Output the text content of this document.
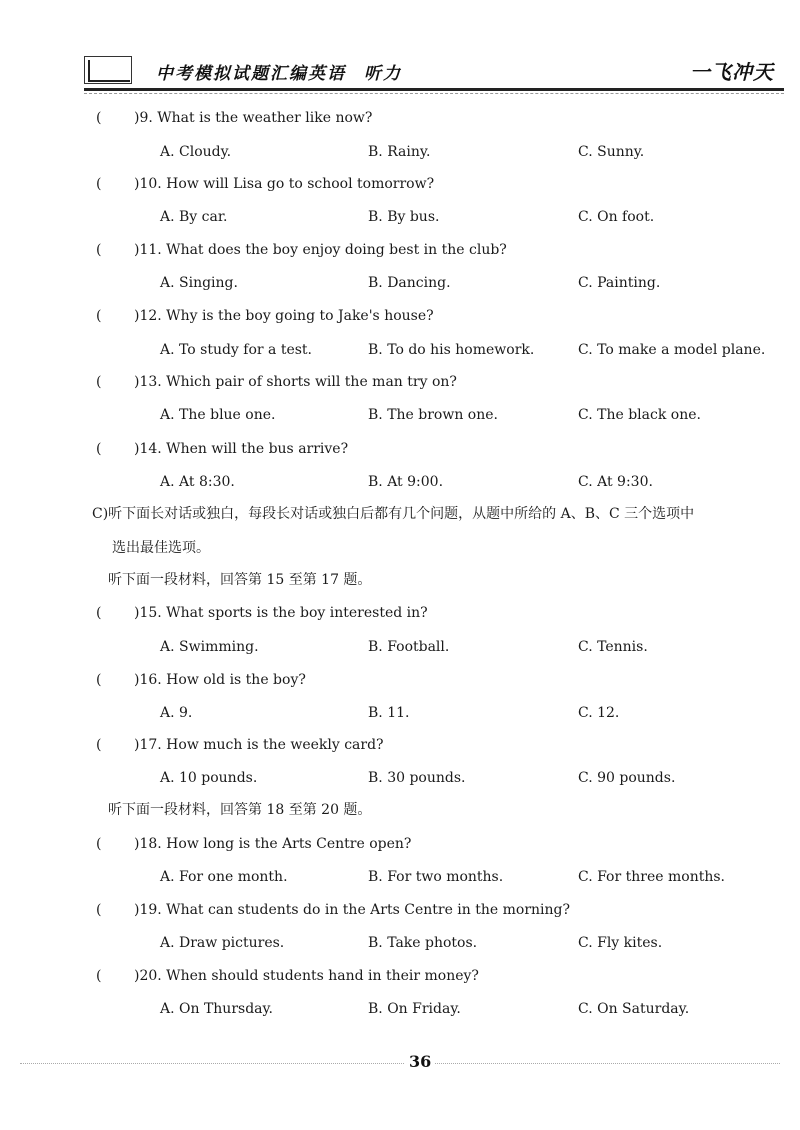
中考模拟试题汇编英语 听力	一飞冲天
( )9. What is the weather like now?
A. Cloudy.	B. Rainy.	C. Sunny.
( )10. How will Lisa go to school tomorrow?
A. By car.	B. By bus.	C. On foot.
( )11. What does the boy enjoy doing best in the club?
A. Singing.	B. Dancing.	C. Painting.
( )12. Why is the boy going to Jake's house?
A. To study for a test.	B. To do his homework.	C. To make a model plane.
( )13. Which pair of shorts will the man try on?
A. The blue one.	B. The brown one.	C. The black one.
( )14. When will the bus arrive?
A. At 8:30.	B. At 9:00.	C. At 9:30.
C)听下面长对话或独白，每段长对话或独白后都有几个问题，从题中所给的 A、B、C 三个选项中
选出最佳选项。
听下面一段材料，回答第 15 至第 17 题。
( )15. What sports is the boy interested in?
A. Swimming.	B. Football.	C. Tennis.
( )16. How old is the boy?
A. 9.	B. 11.	C. 12.
( )17. How much is the weekly card?
A. 10 pounds.	B. 30 pounds.	C. 90 pounds.
听下面一段材料，回答第 18 至第 20 题。
( )18. How long is the Arts Centre open?
A. For one month.	B. For two months.	C. For three months.
( )19. What can students do in the Arts Centre in the morning?
A. Draw pictures.	B. Take photos.	C. Fly kites.
( )20. When should students hand in their money?
A. On Thursday.	B. On Friday.	C. On Saturday.
36
